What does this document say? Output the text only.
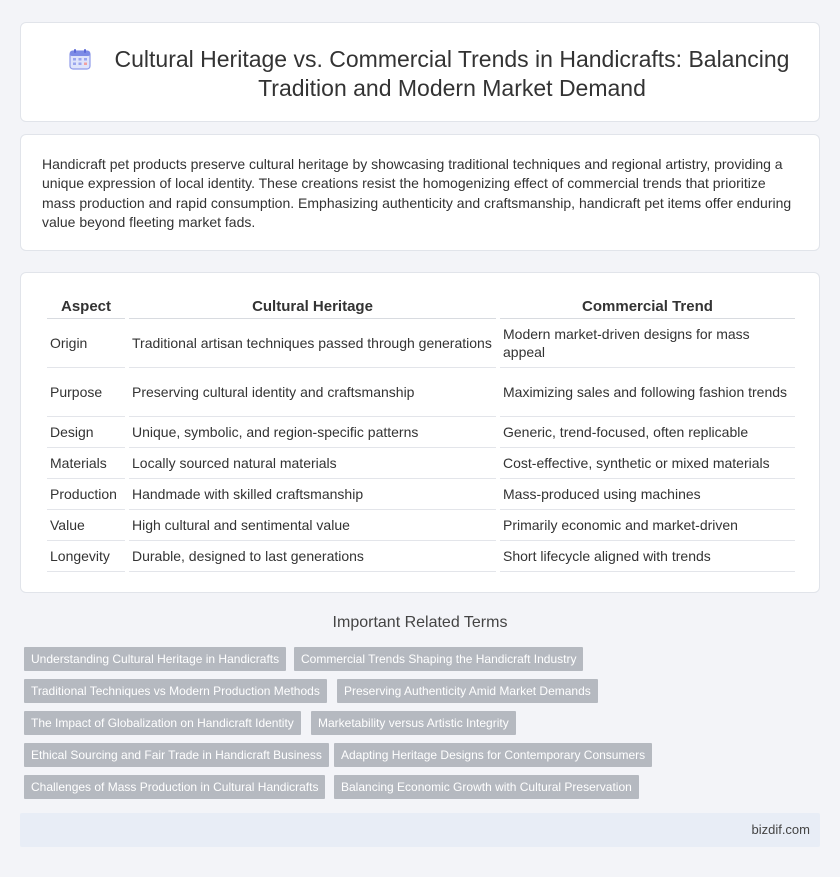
Cultural Heritage vs. Commercial Trends in Handicrafts: Balancing Tradition and Modern Market Demand

Handicraft pet products preserve cultural heritage by showcasing traditional techniques and regional artistry, providing a unique expression of local identity. These creations resist the homogenizing effect of commercial trends that prioritize mass production and rapid consumption. Emphasizing authenticity and craftsmanship, handicraft pet items offer enduring value beyond fleeting market fads.

Aspect	Cultural Heritage	Commercial Trend
Origin	Traditional artisan techniques passed through generations	Modern market-driven designs for mass appeal
Purpose	Preserving cultural identity and craftsmanship	Maximizing sales and following fashion trends
Design	Unique, symbolic, and region-specific patterns	Generic, trend-focused, often replicable
Materials	Locally sourced natural materials	Cost-effective, synthetic or mixed materials
Production	Handmade with skilled craftsmanship	Mass-produced using machines
Value	High cultural and sentimental value	Primarily economic and market-driven
Longevity	Durable, designed to last generations	Short lifecycle aligned with trends
Important Related Terms
Understanding Cultural Heritage in Handicrafts	Commercial Trends Shaping the Handicraft Industry
Traditional Techniques vs Modern Production Methods	Preserving Authenticity Amid Market Demands
The Impact of Globalization on Handicraft Identity	Marketability versus Artistic Integrity
Ethical Sourcing and Fair Trade in Handicraft Business	Adapting Heritage Designs for Contemporary Consumers
Challenges of Mass Production in Cultural Handicrafts	Balancing Economic Growth with Cultural Preservation
bizdif.com
